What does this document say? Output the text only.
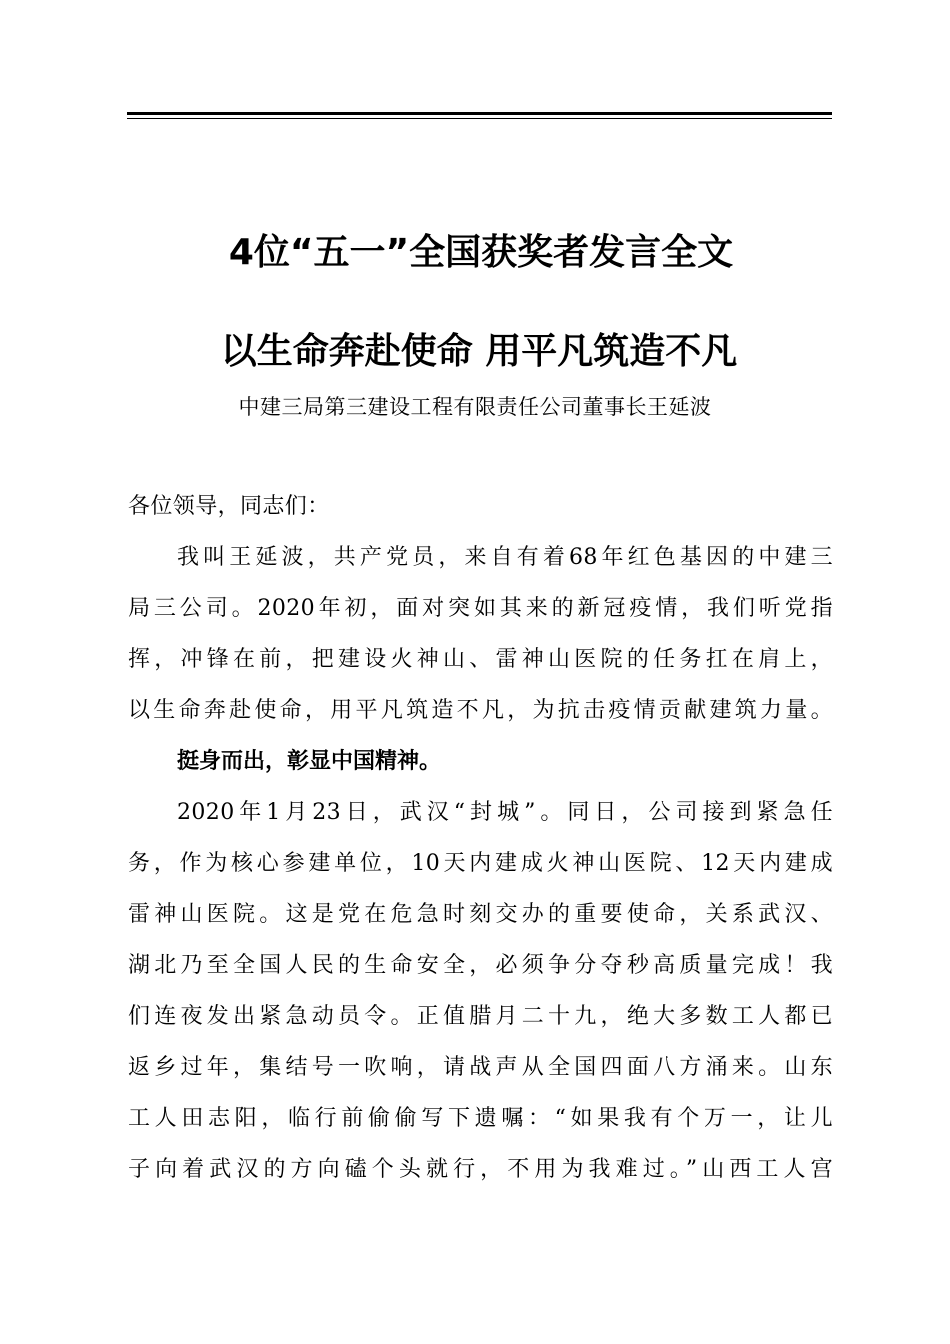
4位“五一”全国获奖者发言全文
以生命奔赴使命 用平凡筑造不凡
中建三局第三建设工程有限责任公司董事长王延波
各位领导，同志们：
我叫王延波，共产党员，来自有着68年红色基因的中建三
局三公司。2020年初，面对突如其来的新冠疫情，我们听党指
挥，冲锋在前，把建设火神山、雷神山医院的任务扛在肩上，
以生命奔赴使命，用平凡筑造不凡，为抗击疫情贡献建筑力量。
挺身而出，彰显中国精神。
2020年1月23日，武汉“封城”。同日，公司接到紧急任
务，作为核心参建单位，10天内建成火神山医院、12天内建成
雷神山医院。这是党在危急时刻交办的重要使命，关系武汉、
湖北乃至全国人民的生命安全，必须争分夺秒高质量完成！我
们连夜发出紧急动员令。正值腊月二十九，绝大多数工人都已
返乡过年，集结号一吹响，请战声从全国四面八方涌来。山东
工人田志阳，临行前偷偷写下遗嘱：“如果我有个万一，让儿
子向着武汉的方向磕个头就行，不用为我难过。”山西工人宫
